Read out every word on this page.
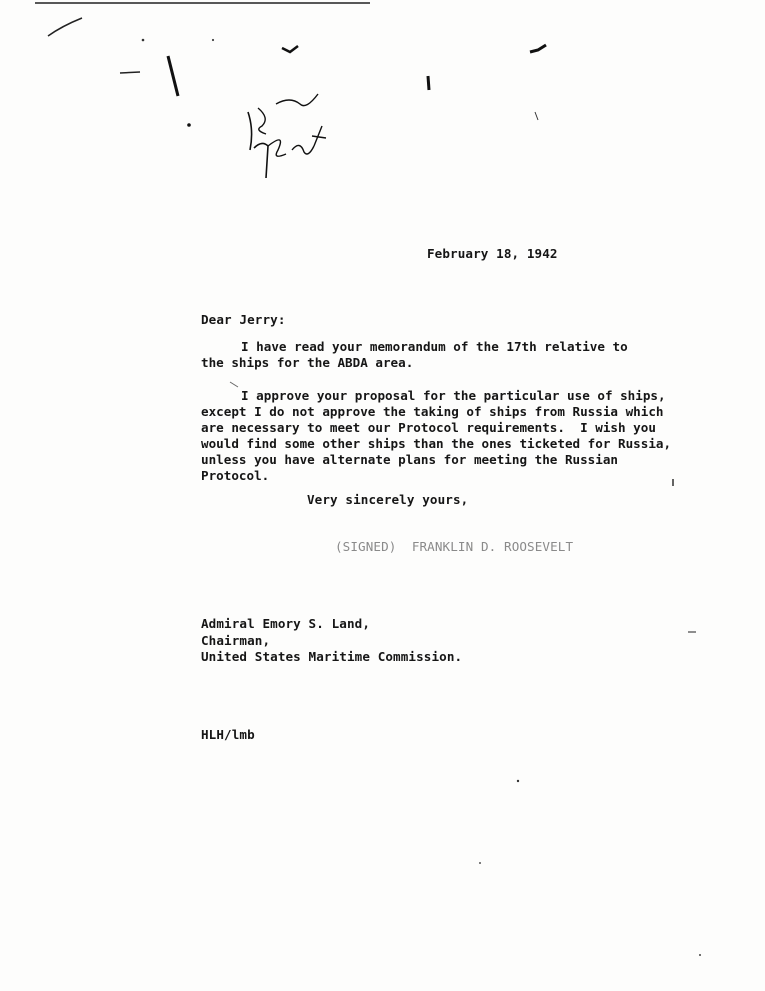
February 18, 1942
Dear Jerry:
I have read your memorandum of the 17th relative to
the ships for the ABDA area.
I approve your proposal for the particular use of ships,
except I do not approve the taking of ships from Russia which
are necessary to meet our Protocol requirements.  I wish you
would find some other ships than the ones ticketed for Russia,
unless you have alternate plans for meeting the Russian
Protocol.
Very sincerely yours,
(SIGNED)  FRANKLIN D. ROOSEVELT
Admiral Emory S. Land,
Chairman,
United States Maritime Commission.
HLH/lmb
